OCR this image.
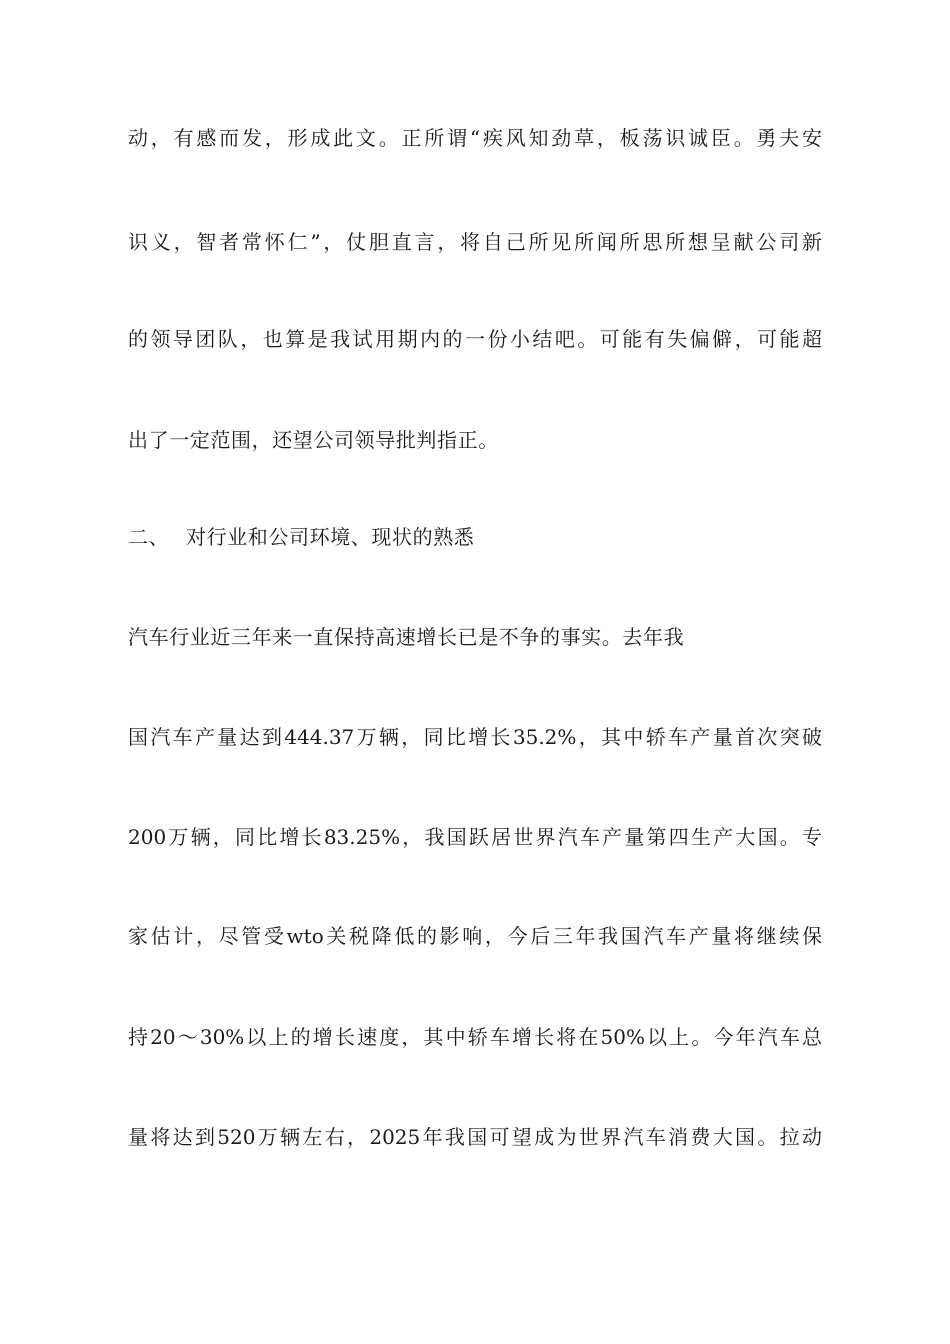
动，有感而发，形成此文。正所谓“疾风知劲草，板荡识诚臣。勇夫安
识义，智者常怀仁”，仗胆直言，将自己所见所闻所思所想呈献公司新
的领导团队，也算是我试用期内的一份小结吧。可能有失偏僻，可能超
出了一定范围，还望公司领导批判指正。
二、 对行业和公司环境、现状的熟悉
汽车行业近三年来一直保持高速增长已是不争的事实。去年我
国汽车产量达到444.37万辆，同比增长35.2%，其中轿车产量首次突破
200万辆，同比增长83.25%，我国跃居世界汽车产量第四生产大国。专
家估计，尽管受wto关税降低的影响，今后三年我国汽车产量将继续保
持20～30%以上的增长速度，其中轿车增长将在50%以上。今年汽车总
量将达到520万辆左右，2025年我国可望成为世界汽车消费大国。拉动
